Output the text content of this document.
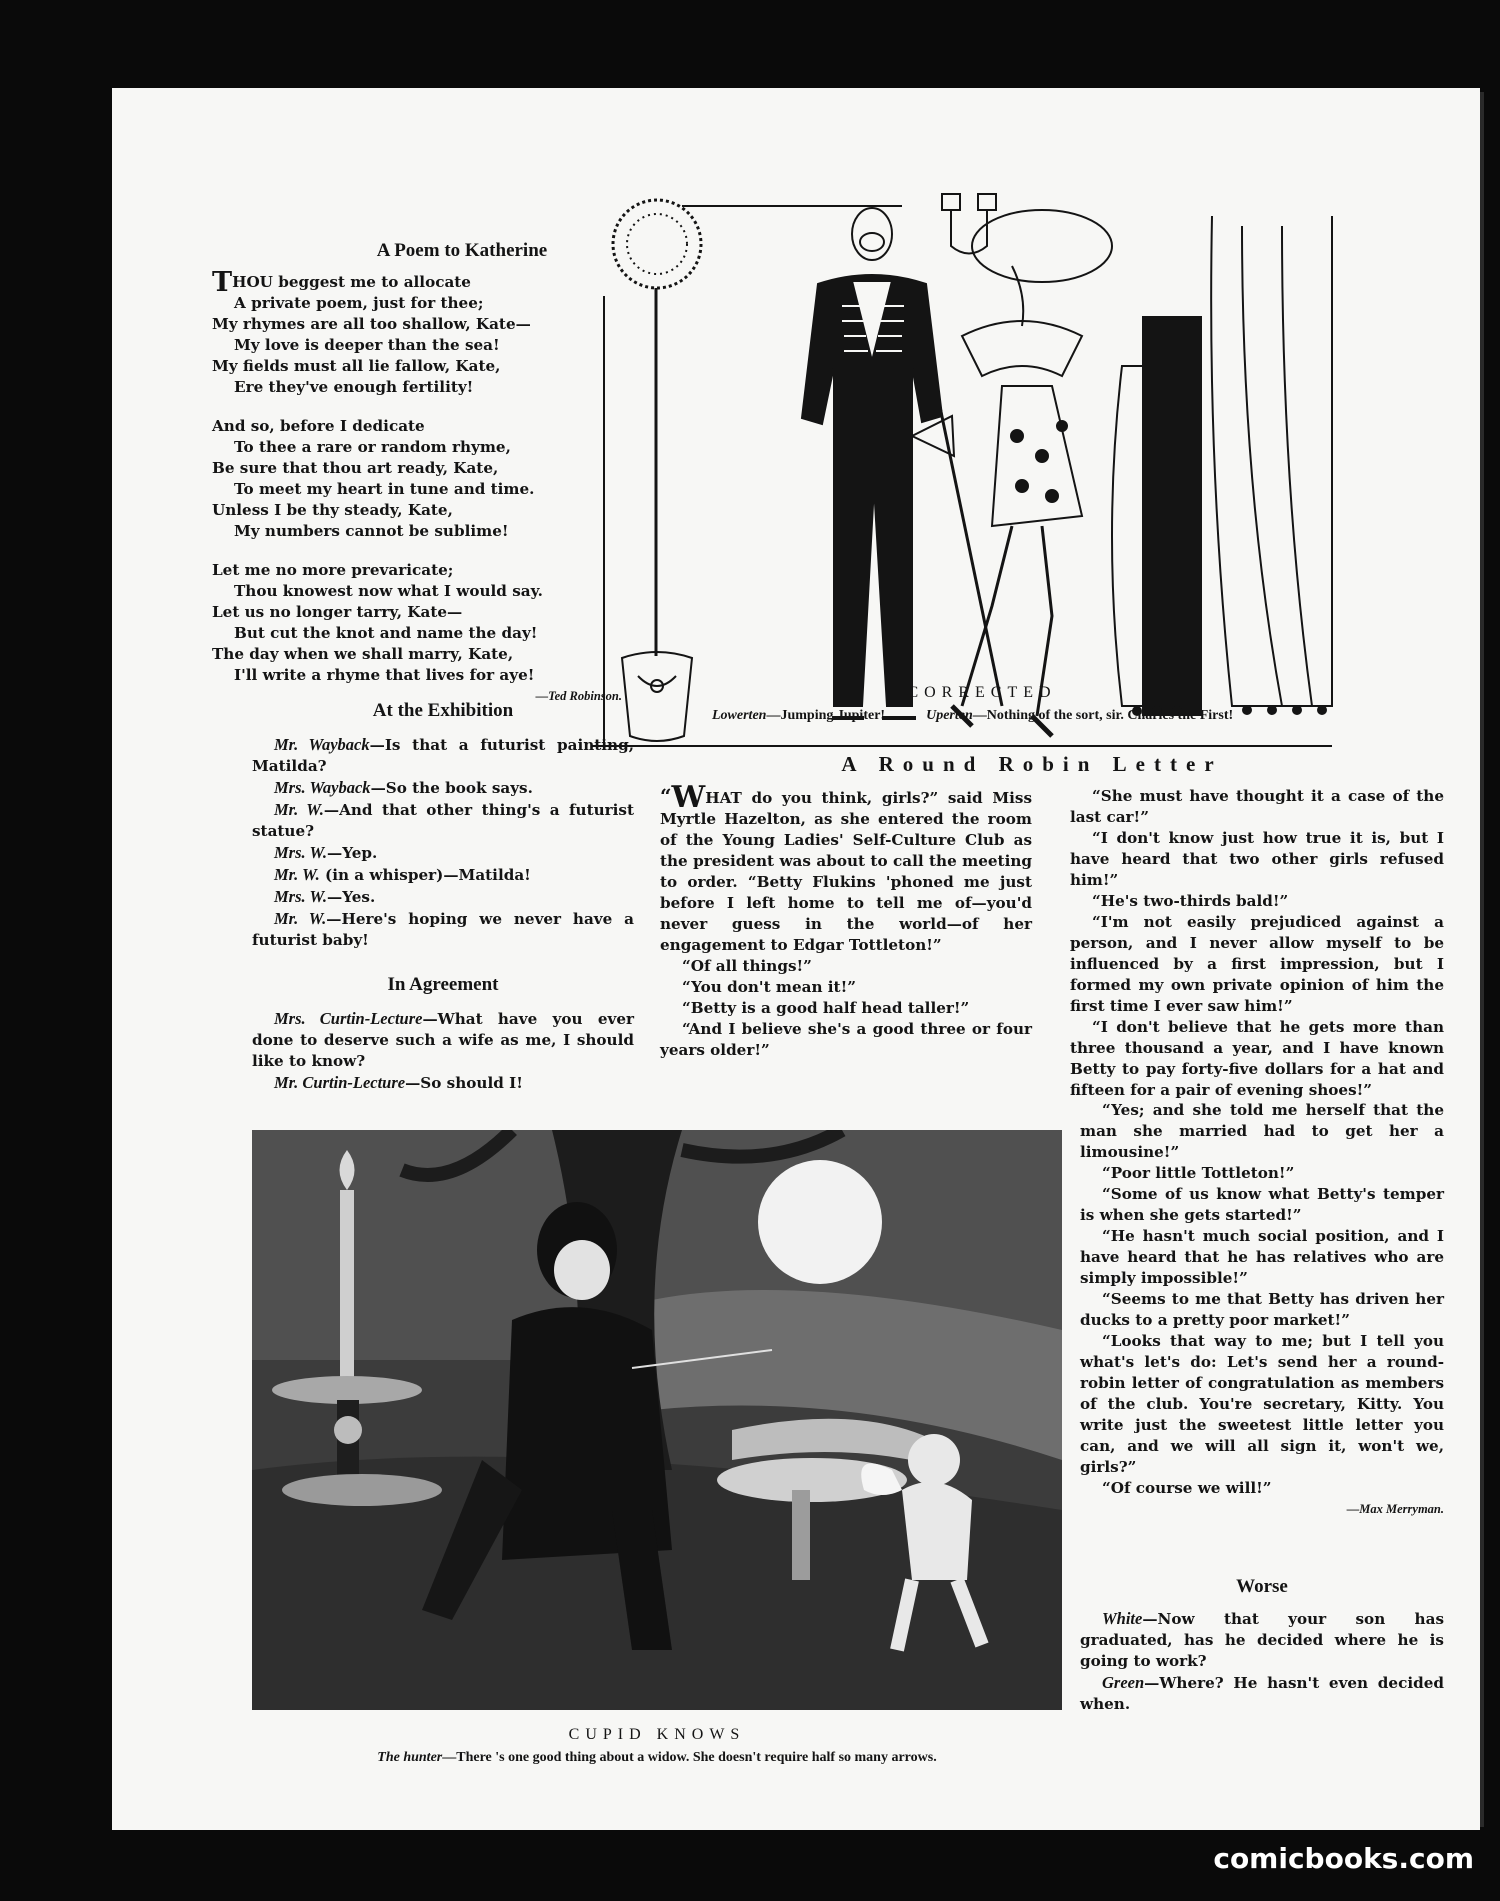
A Poem to Katherine

THOU beggest me to allocate

A private poem, just for thee;

My rhymes are all too shallow, Kate—

My love is deeper than the sea!

My fields must all lie fallow, Kate,

Ere they've enough fertility!

And so, before I dedicate

To thee a rare or random rhyme,

Be sure that thou art ready, Kate,

To meet my heart in tune and time.

Unless I be thy steady, Kate,

My numbers cannot be sublime!

Let me no more prevaricate;

Thou knowest now what I would say.

Let us no longer tarry, Kate—

But cut the knot and name the day!

The day when we shall marry, Kate,

I'll write a rhyme that lives for aye!

—Ted Robinson.
At the Exhibition

Mr. Wayback—Is that a futurist painting, Matilda?

Mrs. Wayback—So the book says.

Mr. W.—And that other thing's a futurist statue?

Mrs. W.—Yep.

Mr. W. (in a whisper)—Matilda!

Mrs. W.—Yes.

Mr. W.—Here's hoping we never have a futurist baby!

In Agreement

Mrs. Curtin-Lecture—What have you ever done to deserve such a wife as me, I should like to know?

Mr. Curtin-Lecture—So should I!

CORRECTED
Lowerten—Jumping Jupiter!	Uperten—Nothing of the sort, sir. Charles the First!
A Round Robin Letter

“WHAT do you think, girls?” said Miss Myrtle Hazelton, as she entered the room of the Young Ladies' Self-Culture Club as the president was about to call the meeting to order. “Betty Flukins 'phoned me just before I left home to tell me of—you'd never guess in the world—of her engagement to Edgar Tottleton!”

“Of all things!”

“You don't mean it!”

“Betty is a good half head taller!”

“And I believe she's a good three or four years older!”

“She must have thought it a case of the last car!”

“I don't know just how true it is, but I have heard that two other girls refused him!”

“He's two-thirds bald!”

“I'm not easily prejudiced against a person, and I never allow myself to be influenced by a first impression, but I formed my own private opinion of him the first time I ever saw him!”

“I don't believe that he gets more than three thousand a year, and I have known Betty to pay forty-five dollars for a hat and fifteen for a pair of evening shoes!”

“Yes; and she told me herself that the man she married had to get her a limousine!”

“Poor little Tottleton!”

“Some of us know what Betty's temper is when she gets started!”

“He hasn't much social position, and I have heard that he has relatives who are simply impossible!”

“Seems to me that Betty has driven her ducks to a pretty poor market!”

“Looks that way to me; but I tell you what's let's do: Let's send her a round-robin letter of congratulation as members of the club. You're secretary, Kitty. You write just the sweetest little letter you can, and we will all sign it, won't we, girls?”

“Of course we will!”

—Max Merryman.
Worse

White—Now that your son has graduated, has he decided where he is going to work?

Green—Where? He hasn't even decided when.

CUPID KNOWS
The hunter—There 's one good thing about a widow. She doesn't require half so many arrows.
comicbooks.com
